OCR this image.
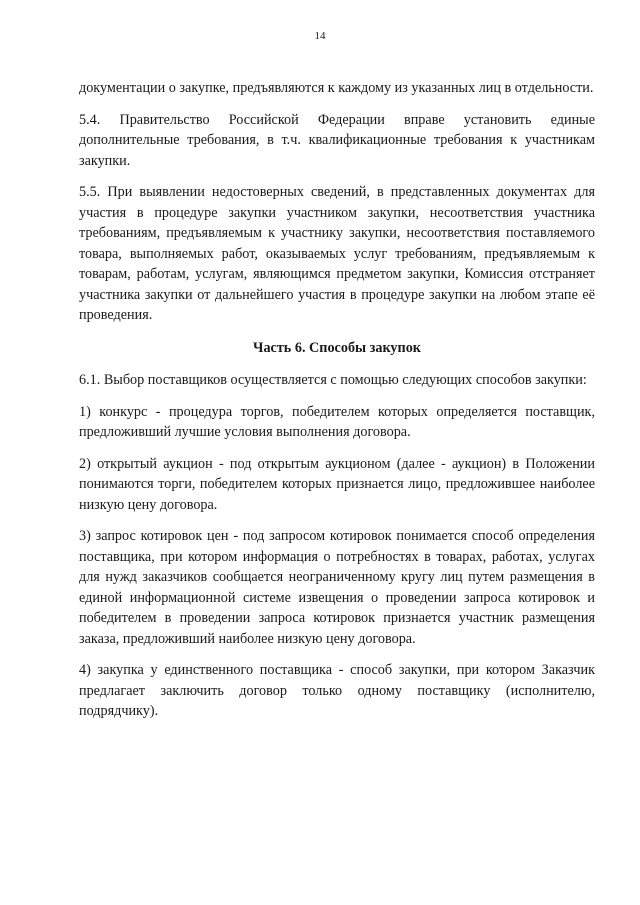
14

документации о закупке, предъявляются к каждому из указанных лиц в отдельности.

5.4. Правительство Российской Федерации вправе установить единые дополнительные требования, в т.ч. квалификационные требования к участникам закупки.

5.5. При выявлении недостоверных сведений, в представленных документах для участия в процедуре закупки участником закупки, несоответствия участника требованиям, предъявляемым к участнику закупки, несоответствия поставляемого товара, выполняемых работ, оказываемых услуг требованиям, предъявляемым к товарам, работам, услугам, являющимся предметом закупки, Комиссия отстраняет участника закупки от дальнейшего участия в процедуре закупки на любом этапе её проведения.

Часть 6. Способы закупок

6.1. Выбор поставщиков осуществляется с помощью следующих способов закупки:

1) конкурс - процедура торгов, победителем которых определяется поставщик, предложивший лучшие условия выполнения договора.

2) открытый аукцион - под открытым аукционом (далее - аукцион) в Положении понимаются торги, победителем которых признается лицо, предложившее наиболее низкую цену договора.

3) запрос котировок цен - под запросом котировок понимается способ определения поставщика, при котором информация о потребностях в товарах, работах, услугах для нужд заказчиков сообщается неограниченному кругу лиц путем размещения в единой информационной системе извещения о проведении запроса котировок и победителем в проведении запроса котировок признается участник размещения заказа, предложивший наиболее низкую цену договора.

4) закупка у единственного поставщика - способ закупки, при котором Заказчик предлагает заключить договор только одному поставщику (исполнителю, подрядчику).
